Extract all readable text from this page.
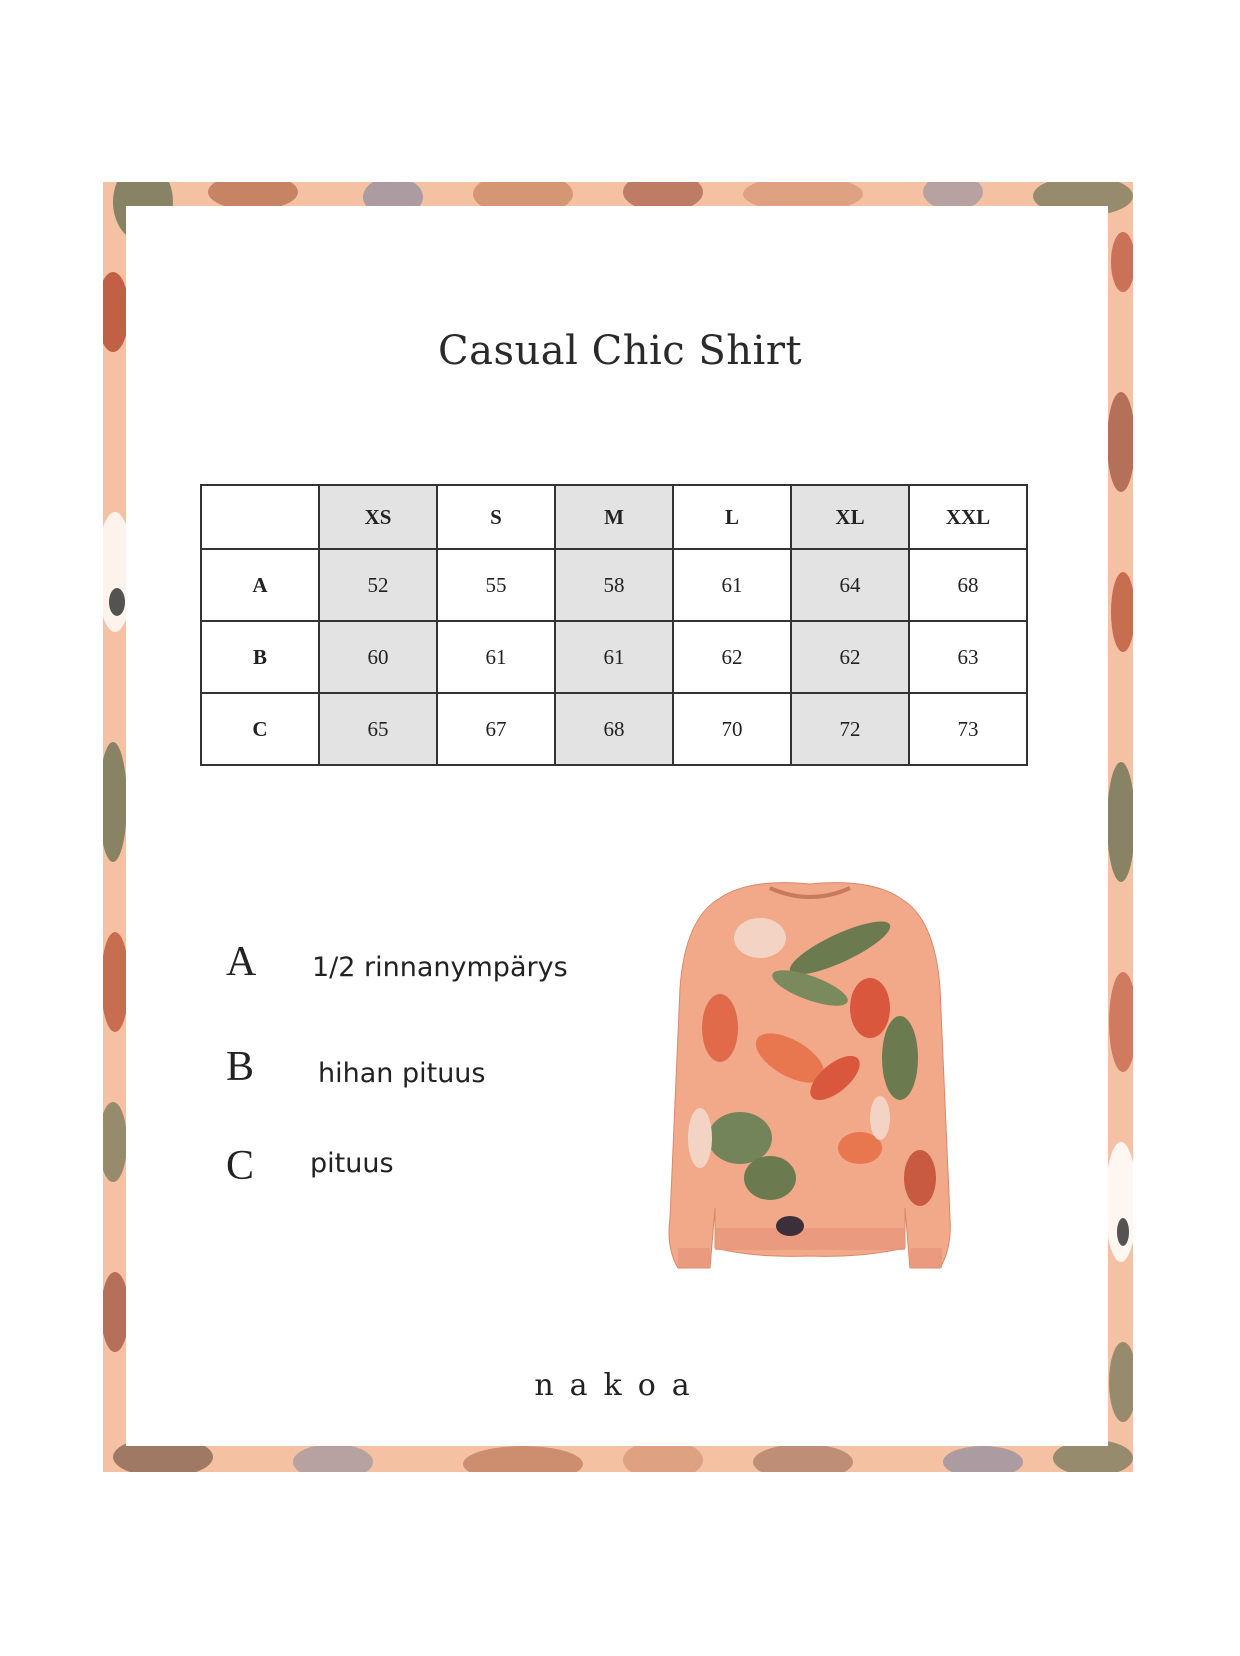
Casual Chic Shirt
	XS	S	M	L	XL	XXL
A	52	55	58	61	64	68
B	60	61	61	62	62	63
C	65	67	68	70	72	73
A 1/2 rinnanympärys
B hihan pituus
C pituus
nakoa
